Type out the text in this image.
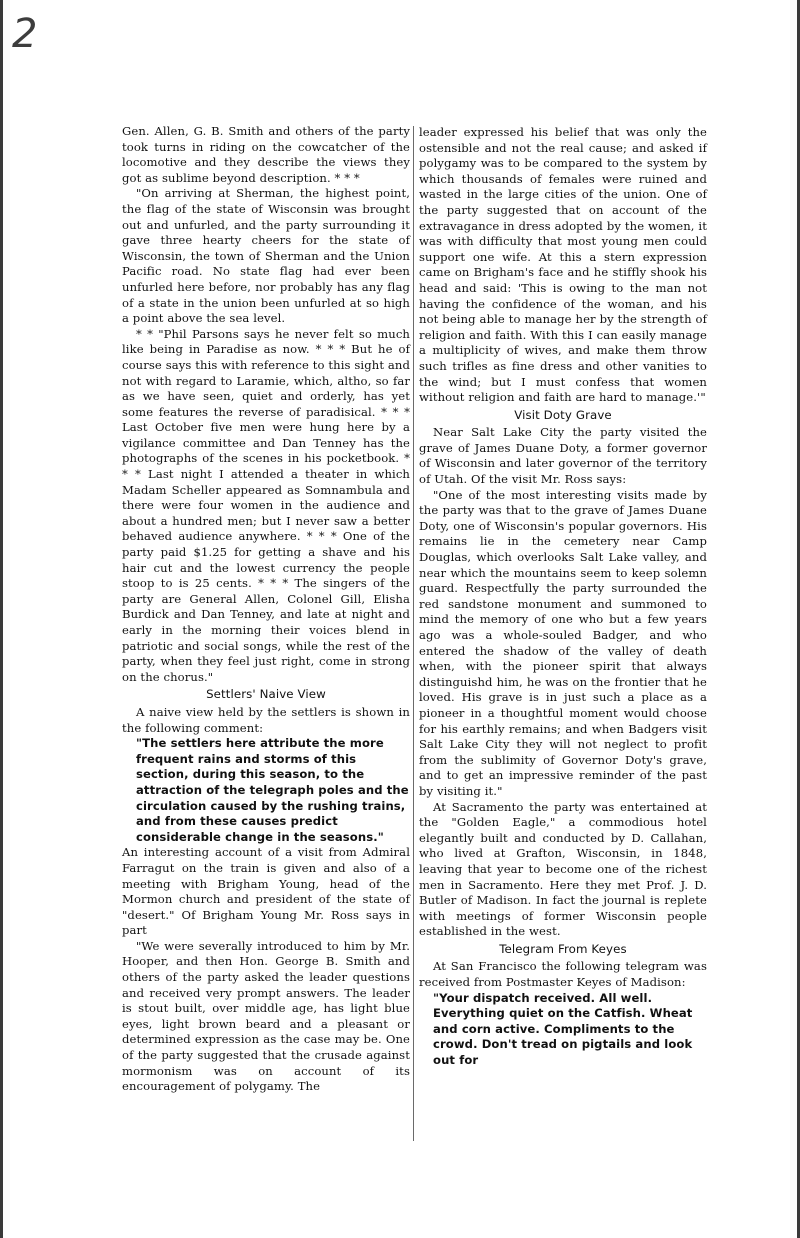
2

Gen. Allen, G. B. Smith and others of the party took turns in riding on the cowcatcher of the locomotive and they describe the views they got as sublime beyond description. * * *

"On arriving at Sherman, the highest point, the flag of the state of Wisconsin was brought out and unfurled, and the party surrounding it gave three hearty cheers for the state of Wisconsin, the town of Sherman and the Union Pacific road. No state flag had ever been unfurled here before, nor probably has any flag of a state in the union been unfurled at so high a point above the sea level.

* * "Phil Parsons says he never felt so much like being in Paradise as now. * * * But he of course says this with reference to this sight and not with regard to Laramie, which, altho, so far as we have seen, quiet and orderly, has yet some features the reverse of paradisical. * * * Last October five men were hung here by a vigilance committee and Dan Tenney has the photographs of the scenes in his pocketbook. * * * Last night I attended a theater in which Madam Scheller appeared as Somnambula and there were four women in the audience and about a hundred men; but I never saw a better behaved audience anywhere. * * * One of the party paid $1.25 for getting a shave and his hair cut and the lowest currency the people stoop to is 25 cents. * * * The singers of the party are General Allen, Colonel Gill, Elisha Burdick and Dan Tenney, and late at night and early in the morning their voices blend in patriotic and social songs, while the rest of the party, when they feel just right, come in strong on the chorus."

Settlers' Naive View

A naive view held by the settlers is shown in the following comment:

"The settlers here attribute the more frequent rains and storms of this section, during this season, to the attraction of the telegraph poles and the circulation caused by the rushing trains, and from these causes predict considerable change in the seasons."

An interesting account of a visit from Admiral Farragut on the train is given and also of a meeting with Brigham Young, head of the Mormon church and president of the state of "desert." Of Brigham Young Mr. Ross says in part

"We were severally introduced to him by Mr. Hooper, and then Hon. George B. Smith and others of the party asked the leader questions and received very prompt answers. The leader is stout built, over middle age, has light blue eyes, light brown beard and a pleasant or determined expression as the case may be. One of the party suggested that the crusade against mormonism was on account of its encouragement of polygamy. The

leader expressed his belief that was only the ostensible and not the real cause; and asked if polygamy was to be compared to the system by which thousands of females were ruined and wasted in the large cities of the union. One of the party suggested that on account of the extravagance in dress adopted by the women, it was with difficulty that most young men could support one wife. At this a stern expression came on Brigham's face and he stiffly shook his head and said: 'This is owing to the man not having the confidence of the woman, and his not being able to manage her by the strength of religion and faith. With this I can easily manage a multiplicity of wives, and make them throw such trifles as fine dress and other vanities to the wind; but I must confess that women without religion and faith are hard to manage.'"

Visit Doty Grave

Near Salt Lake City the party visited the grave of James Duane Doty, a former governor of Wisconsin and later governor of the territory of Utah. Of the visit Mr. Ross says:

"One of the most interesting visits made by the party was that to the grave of James Duane Doty, one of Wisconsin's popular governors. His remains lie in the cemetery near Camp Douglas, which overlooks Salt Lake valley, and near which the mountains seem to keep solemn guard. Respectfully the party surrounded the red sandstone monument and summoned to mind the memory of one who but a few years ago was a whole-souled Badger, and who entered the shadow of the valley of death when, with the pioneer spirit that always distinguishd him, he was on the frontier that he loved. His grave is in just such a place as a pioneer in a thoughtful moment would choose for his earthly remains; and when Badgers visit Salt Lake City they will not neglect to profit from the sublimity of Governor Doty's grave, and to get an impressive reminder of the past by visiting it."

At Sacramento the party was entertained at the "Golden Eagle," a commodious hotel elegantly built and conducted by D. Callahan, who lived at Grafton, Wisconsin, in 1848, leaving that year to become one of the richest men in Sacramento. Here they met Prof. J. D. Butler of Madison. In fact the journal is replete with meetings of former Wisconsin people established in the west.

Telegram From Keyes

At San Francisco the following telegram was received from Postmaster Keyes of Madison:

"Your dispatch received. All well. Everything quiet on the Catfish. Wheat and corn active. Compliments to the crowd. Don't tread on pigtails and look out for
